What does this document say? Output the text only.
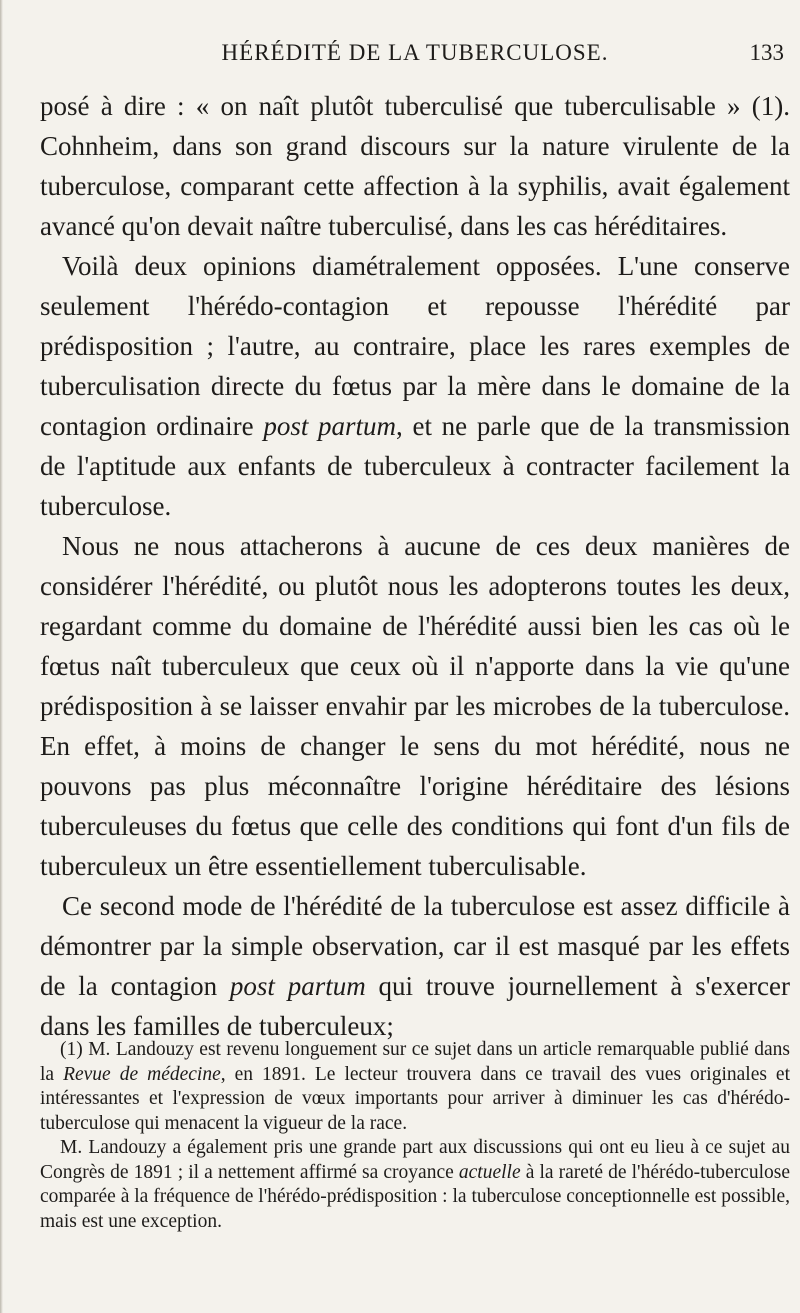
HÉRÉDITÉ DE LA TUBERCULOSE.	133

posé à dire : « on naît plutôt tuberculisé que tuberculisable » (1). Cohnheim, dans son grand discours sur la nature virulente de la tuberculose, comparant cette affection à la syphilis, avait également avancé qu'on devait naître tuberculisé, dans les cas héréditaires.

Voilà deux opinions diamétralement opposées. L'une conserve seulement l'hérédo-contagion et repousse l'hérédité par prédisposition ; l'autre, au contraire, place les rares exemples de tuberculisation directe du fœtus par la mère dans le domaine de la contagion ordinaire post partum, et ne parle que de la transmission de l'aptitude aux enfants de tuberculeux à contracter facilement la tuberculose.

Nous ne nous attacherons à aucune de ces deux manières de considérer l'hérédité, ou plutôt nous les adopterons toutes les deux, regardant comme du domaine de l'hérédité aussi bien les cas où le fœtus naît tuberculeux que ceux où il n'apporte dans la vie qu'une prédisposition à se laisser envahir par les microbes de la tuberculose. En effet, à moins de changer le sens du mot hérédité, nous ne pouvons pas plus méconnaître l'origine héréditaire des lésions tuberculeuses du fœtus que celle des conditions qui font d'un fils de tuberculeux un être essentiellement tuberculisable.

Ce second mode de l'hérédité de la tuberculose est assez difficile à démontrer par la simple observation, car il est masqué par les effets de la contagion post partum qui trouve journellement à s'exercer dans les familles de tuberculeux;

(1) M. Landouzy est revenu longuement sur ce sujet dans un article remarquable publié dans la Revue de médecine, en 1891. Le lecteur trouvera dans ce travail des vues originales et intéressantes et l'expression de vœux importants pour arriver à diminuer les cas d'hérédo-tuberculose qui menacent la vigueur de la race.

M. Landouzy a également pris une grande part aux discussions qui ont eu lieu à ce sujet au Congrès de 1891 ; il a nettement affirmé sa croyance actuelle à la rareté de l'hérédo-tuberculose comparée à la fréquence de l'hérédo-prédisposition : la tuberculose conceptionnelle est possible, mais est une exception.
